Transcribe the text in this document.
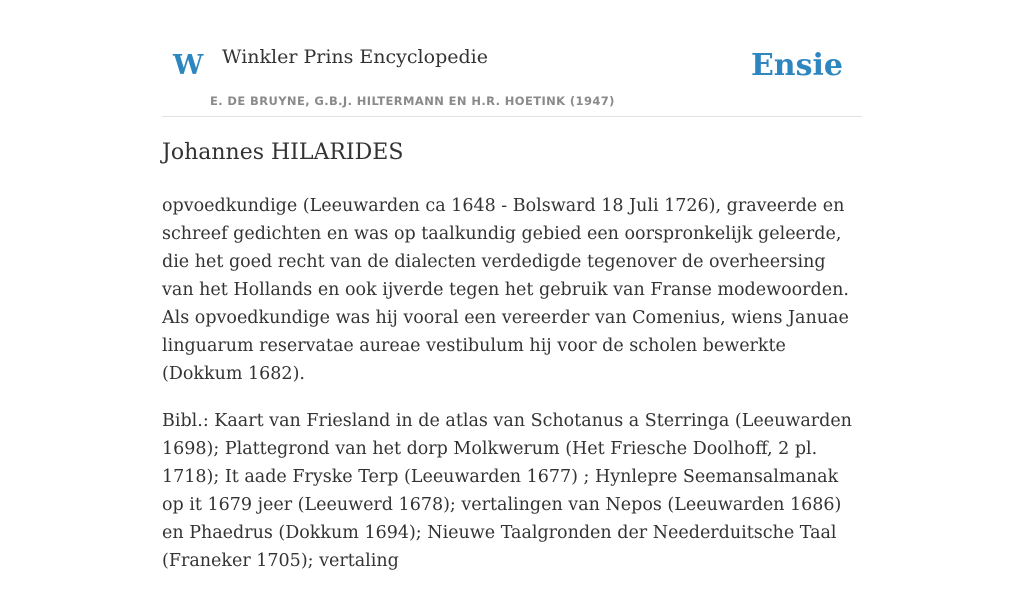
W Winkler Prins Encyclopedie
E. DE BRUYNE, G.B.J. HILTERMANN EN H.R. HOETINK (1947)
Ensie
Johannes HILARIDES

opvoedkundige (Leeuwarden ca 1648 - Bolsward 18 Juli 1726), graveerde en schreef gedichten en was op taalkundig gebied een oorspronkelijk geleerde, die het goed recht van de dialecten verdedigde tegenover de overheersing van het Hollands en ook ijverde tegen het gebruik van Franse modewoorden. Als opvoedkundige was hij vooral een vereerder van Comenius, wiens Januae linguarum reservatae aureae vestibulum hij voor de scholen bewerkte (Dokkum 1682).

Bibl.: Kaart van Friesland in de atlas van Schotanus a Sterringa (Leeuwarden 1698); Plattegrond van het dorp Molkwerum (Het Friesche Doolhoff, 2 pl. 1718); It aade Fryske Terp (Leeuwarden 1677) ; Hynlepre Seemansalmanak op it 1679 jeer (Leeuwerd 1678); vertalingen van Nepos (Leeuwarden 1686) en Phaedrus (Dokkum 1694); Nieuwe Taalgronden der Neederduitsche Taal (Franeker 1705); vertaling
